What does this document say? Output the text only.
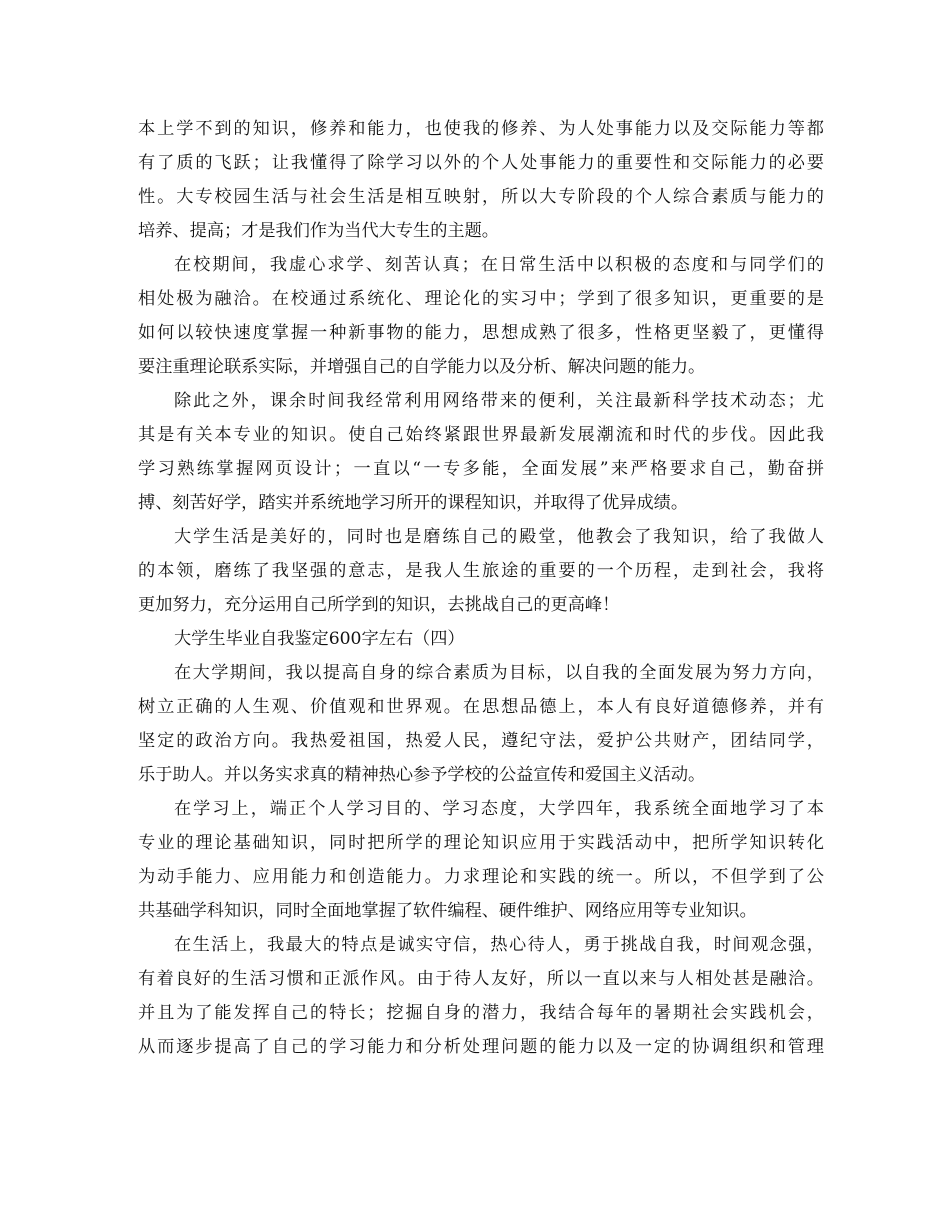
本上学不到的知识，修养和能力，也使我的修养、为人处事能力以及交际能力等都
有了质的飞跃；让我懂得了除学习以外的个人处事能力的重要性和交际能力的必要
性。大专校园生活与社会生活是相互映射，所以大专阶段的个人综合素质与能力的
培养、提高；才是我们作为当代大专生的主题。
在校期间，我虚心求学、刻苦认真；在日常生活中以积极的态度和与同学们的
相处极为融洽。在校通过系统化、理论化的实习中；学到了很多知识，更重要的是
如何以较快速度掌握一种新事物的能力，思想成熟了很多，性格更坚毅了，更懂得
要注重理论联系实际，并增强自己的自学能力以及分析、解决问题的能力。
除此之外，课余时间我经常利用网络带来的便利，关注最新科学技术动态；尤
其是有关本专业的知识。使自己始终紧跟世界最新发展潮流和时代的步伐。因此我
学习熟练掌握网页设计；一直以“一专多能，全面发展”来严格要求自己，勤奋拼
搏、刻苦好学，踏实并系统地学习所开的课程知识，并取得了优异成绩。
大学生活是美好的，同时也是磨练自己的殿堂，他教会了我知识，给了我做人
的本领，磨练了我坚强的意志，是我人生旅途的重要的一个历程，走到社会，我将
更加努力，充分运用自己所学到的知识，去挑战自己的更高峰！
大学生毕业自我鉴定600字左右（四）
在大学期间，我以提高自身的综合素质为目标，以自我的全面发展为努力方向，
树立正确的人生观、价值观和世界观。在思想品德上，本人有良好道德修养，并有
坚定的政治方向。我热爱祖国，热爱人民，遵纪守法，爱护公共财产，团结同学，
乐于助人。并以务实求真的精神热心参予学校的公益宣传和爱国主义活动。
在学习上，端正个人学习目的、学习态度，大学四年，我系统全面地学习了本
专业的理论基础知识，同时把所学的理论知识应用于实践活动中，把所学知识转化
为动手能力、应用能力和创造能力。力求理论和实践的统一。所以，不但学到了公
共基础学科知识，同时全面地掌握了软件编程、硬件维护、网络应用等专业知识。
在生活上，我最大的特点是诚实守信，热心待人，勇于挑战自我，时间观念强，
有着良好的生活习惯和正派作风。由于待人友好，所以一直以来与人相处甚是融洽。
并且为了能发挥自己的特长；挖掘自身的潜力，我结合每年的暑期社会实践机会，
从而逐步提高了自己的学习能力和分析处理问题的能力以及一定的协调组织和管理
